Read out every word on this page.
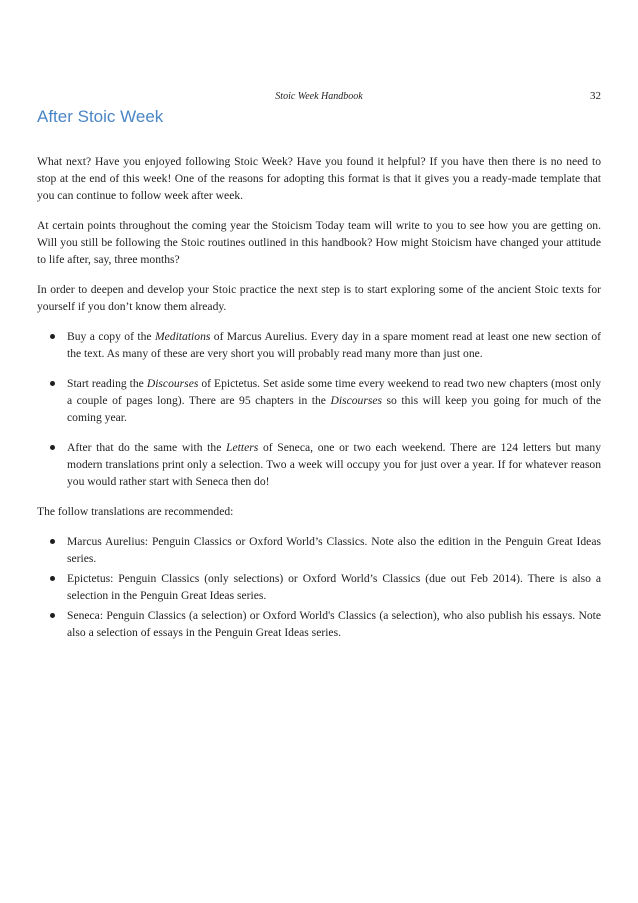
Stoic Week Handbook	32
After Stoic Week

What next? Have you enjoyed following Stoic Week? Have you found it helpful? If you have then there is no need to stop at the end of this week! One of the reasons for adopting this format is that it gives you a ready-made template that you can continue to follow week after week.

At certain points throughout the coming year the Stoicism Today team will write to you to see how you are getting on. Will you still be following the Stoic routines outlined in this handbook? How might Stoicism have changed your attitude to life after, say, three months?

In order to deepen and develop your Stoic practice the next step is to start exploring some of the ancient Stoic texts for yourself if you don’t know them already.

Buy a copy of the Meditations of Marcus Aurelius. Every day in a spare moment read at least one new section of the text. As many of these are very short you will probably read many more than just one.
Start reading the Discourses of Epictetus. Set aside some time every weekend to read two new chapters (most only a couple of pages long). There are 95 chapters in the Discourses so this will keep you going for much of the coming year.
After that do the same with the Letters of Seneca, one or two each weekend. There are 124 letters but many modern translations print only a selection. Two a week will occupy you for just over a year. If for whatever reason you would rather start with Seneca then do!

The follow translations are recommended:

Marcus Aurelius: Penguin Classics or Oxford World’s Classics. Note also the edition in the Penguin Great Ideas series.
Epictetus: Penguin Classics (only selections) or Oxford World’s Classics (due out Feb 2014). There is also a selection in the Penguin Great Ideas series.
Seneca: Penguin Classics (a selection) or Oxford World's Classics (a selection), who also publish his essays. Note also a selection of essays in the Penguin Great Ideas series.
